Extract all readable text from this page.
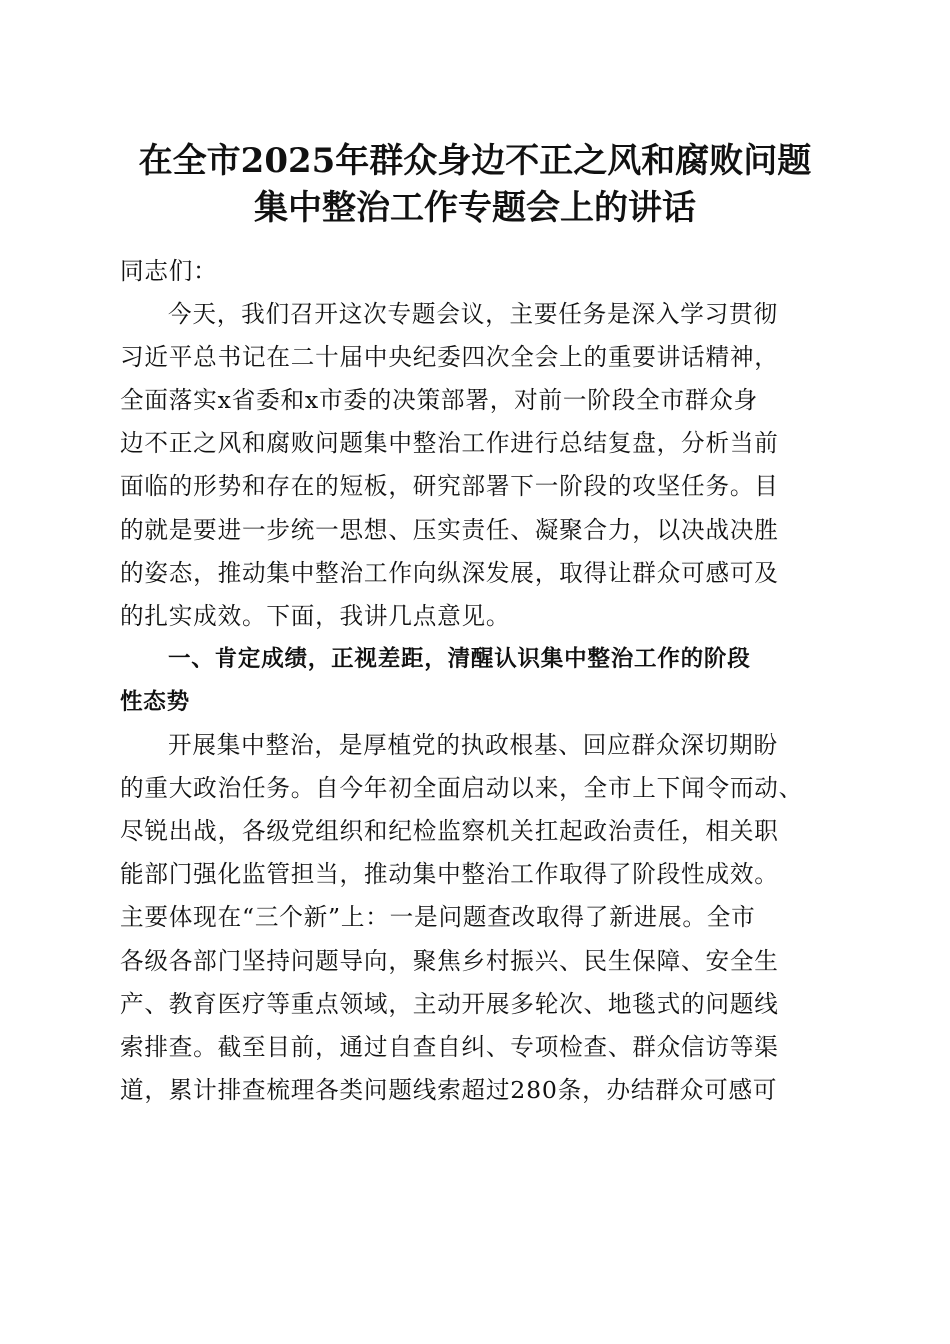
在全市2025年群众身边不正之风和腐败问题
集中整治工作专题会上的讲话
同志们：
今天，我们召开这次专题会议，主要任务是深入学习贯彻
习近平总书记在二十届中央纪委四次全会上的重要讲话精神，
全面落实x省委和x市委的决策部署，对前一阶段全市群众身
边不正之风和腐败问题集中整治工作进行总结复盘，分析当前
面临的形势和存在的短板，研究部署下一阶段的攻坚任务。目
的就是要进一步统一思想、压实责任、凝聚合力，以决战决胜
的姿态，推动集中整治工作向纵深发展，取得让群众可感可及
的扎实成效。下面，我讲几点意见。
一、肯定成绩，正视差距，清醒认识集中整治工作的阶段
性态势
开展集中整治，是厚植党的执政根基、回应群众深切期盼
的重大政治任务。自今年初全面启动以来，全市上下闻令而动、
尽锐出战，各级党组织和纪检监察机关扛起政治责任，相关职
能部门强化监管担当，推动集中整治工作取得了阶段性成效。
主要体现在“三个新”上：一是问题查改取得了新进展。全市
各级各部门坚持问题导向，聚焦乡村振兴、民生保障、安全生
产、教育医疗等重点领域，主动开展多轮次、地毯式的问题线
索排查。截至目前，通过自查自纠、专项检查、群众信访等渠
道，累计排查梳理各类问题线索超过280条，办结群众可感可
